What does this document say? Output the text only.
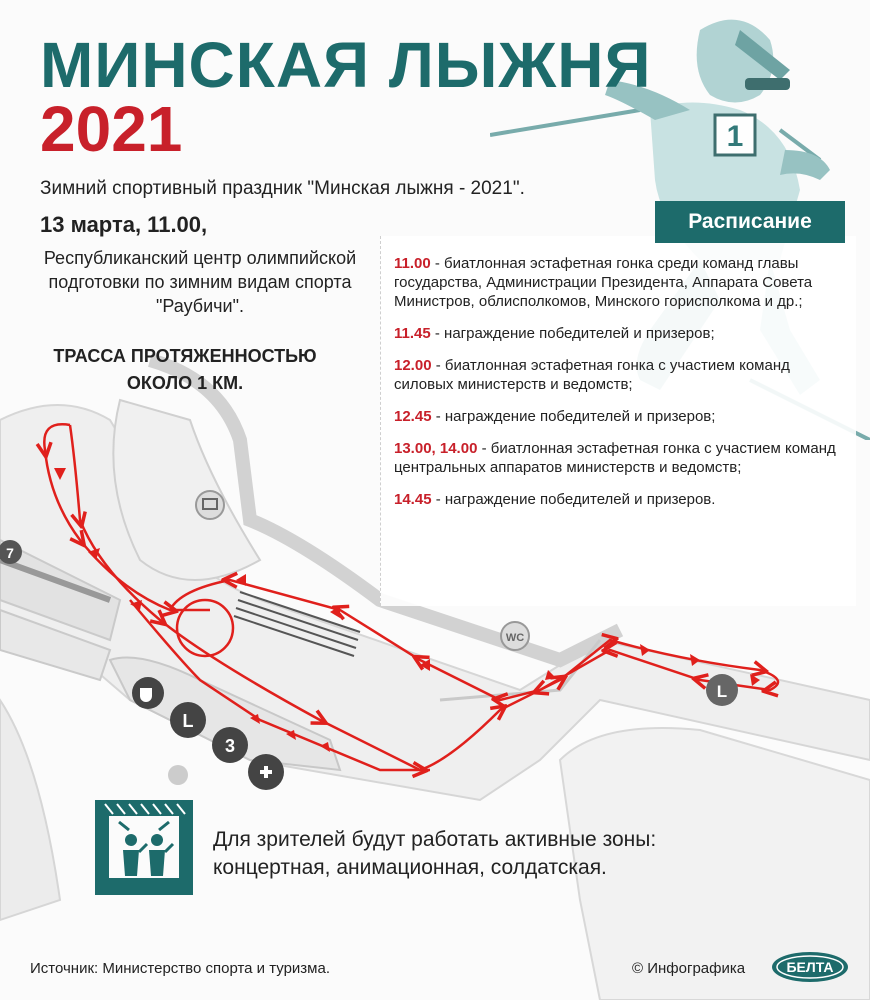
7
L
3
WC
L
1
МИНСКАЯ ЛЫЖНЯ
2021
Зимний спортивный праздник "Минская лыжня - 2021".
13 марта, 11.00,
Республиканский центр олимпийской подготовки по зимним видам спорта "Раубичи".
ТРАССА ПРОТЯЖЕННОСТЬЮ ОКОЛО 1 КМ.
Расписание
11.00 - биатлонная эстафетная гонка среди команд главы государства, Администрации Президента, Аппарата Совета Министров, облисполкомов, Минского горисполкома и др.;
11.45 - награждение победителей и призеров;
12.00 - биатлонная эстафетная гонка с участием команд силовых министерств и ведомств;
12.45 - награждение победителей и призеров;
13.00, 14.00 - биатлонная эстафетная гонка с участием команд центральных аппаратов министерств и ведомств;
14.45 - награждение победителей и призеров.
Для зрителей будут работать активные зоны: концертная, анимационная, солдатская.
Источник: Министерство спорта и туризма.	© Инфографика	БЕЛТА
